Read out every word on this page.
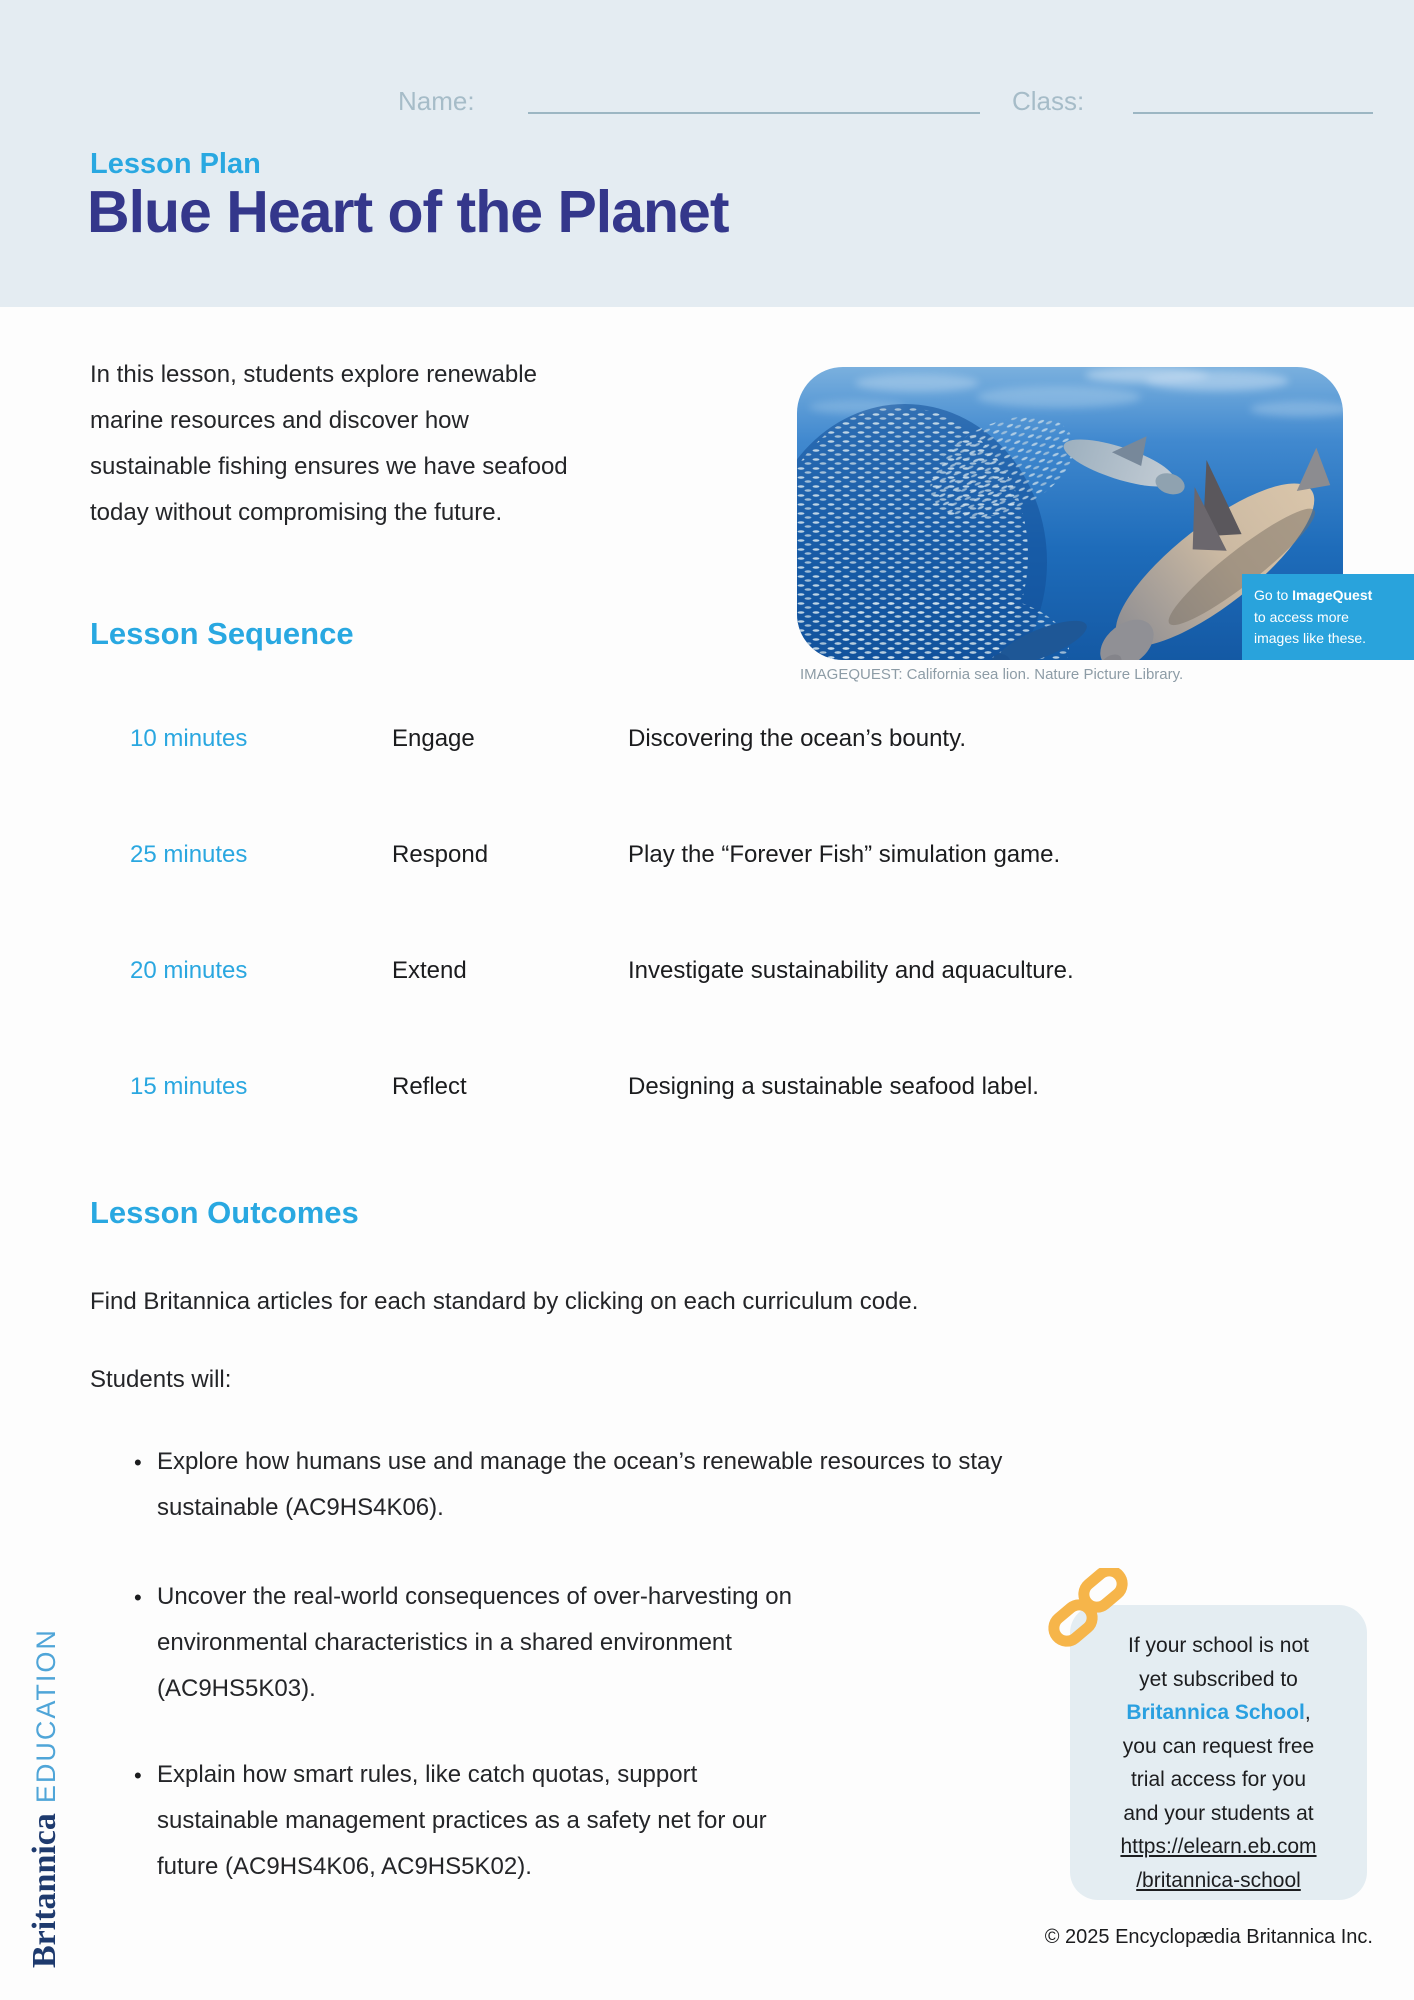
Name:	Class:
Lesson Plan
Blue Heart of the Planet
In this lesson, students explore renewable
marine resources and discover how
sustainable fishing ensures we have seafood
today without compromising the future.
Go to ImageQuest
to access more
images like these.
IMAGEQUEST: California sea lion. Nature Picture Library.
Lesson Sequence
10 minutes	Engage	Discovering the ocean’s bounty.
25 minutes	Respond	Play the “Forever Fish” simulation game.
20 minutes	Extend	Investigate sustainability and aquaculture.
15 minutes	Reflect	Designing a sustainable seafood label.
Lesson Outcomes
Find Britannica articles for each standard by clicking on each curriculum code.
Students will:
• Explore how humans use and manage the ocean’s renewable resources to stay
sustainable (AC9HS4K06).
• Uncover the real-world consequences of over-harvesting on
environmental characteristics in a shared environment
(AC9HS5K03).
• Explain how smart rules, like catch quotas, support
sustainable management practices as a safety net for our
future (AC9HS4K06, AC9HS5K02).
If your school is not
yet subscribed to
Britannica School,
you can request free
trial access for you
and your students at
https://elearn.eb.com
/britannica-school
BritannicaEDUCATION
© 2025 Encyclopædia Britannica Inc.
